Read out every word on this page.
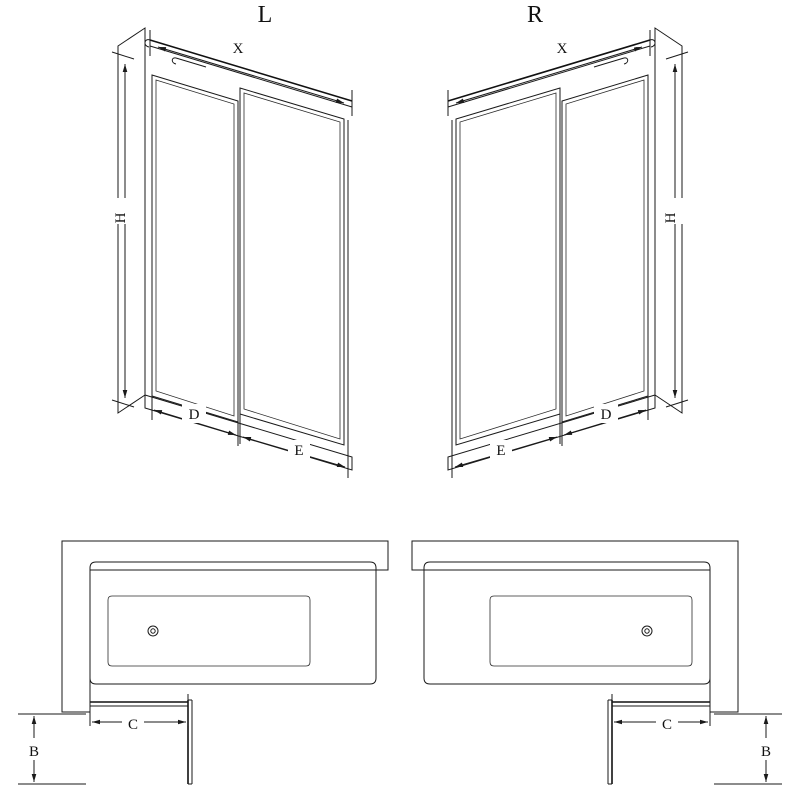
X
H
D
E
L
X
H
D
E
R
C
B
C
B
